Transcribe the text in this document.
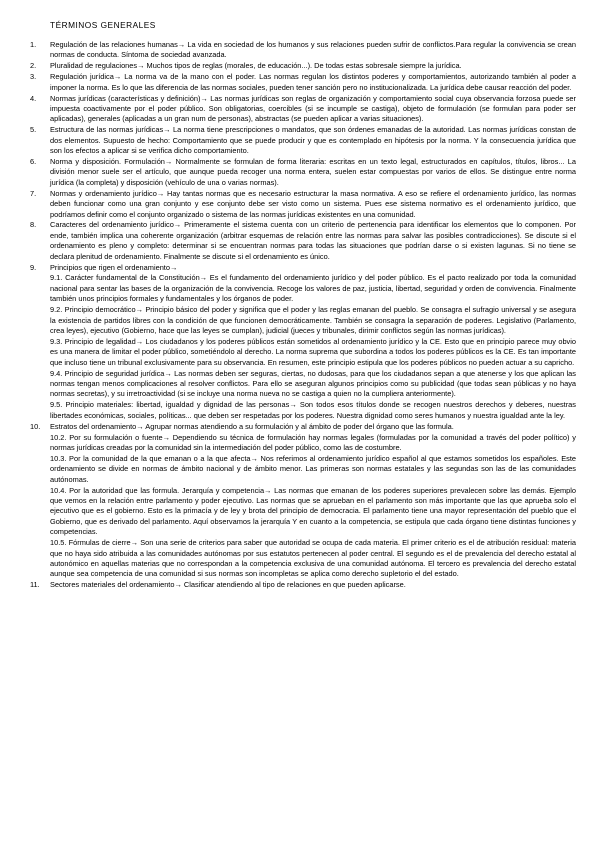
TÉRMINOS GENERALES
1.	Regulación de las relaciones humanas→ La vida en sociedad de los humanos y sus relaciones pueden sufrir de conflictos.Para regular la convivencia se crean normas de conducta. Síntoma de sociedad avanzada.
2.	Pluralidad de regulaciones→ Muchos tipos de reglas (morales, de educación...). De todas estas sobresale siempre la jurídica.
3.	Regulación jurídica→ La norma va de la mano con el poder. Las normas regulan los distintos poderes y comportamientos, autorizando también al poder a imponer la norma. Es lo que las diferencia de las normas sociales, pueden tener sanción pero no institucionalizada. La jurídica debe causar reacción del poder.
4.	Normas jurídicas (características y definición)→ Las normas jurídicas son reglas de organización y comportamiento social cuya observancia forzosa puede ser impuesta coactivamente por el poder público. Son obligatorias, coercibles (si se incumple se castiga), objeto de formulación (se formulan para poder ser aplicadas), generales (aplicadas a un gran num de personas), abstractas (se pueden aplicar a varias situaciones).
5.	Estructura de las normas jurídicas→ La norma tiene prescripciones o mandatos, que son órdenes emanadas de la autoridad. Las normas jurídicas constan de dos elementos. Supuesto de hecho: Comportamiento que se puede producir y que es contemplado en hipótesis por la norma. Y la consecuencia jurídica que son los efectos a aplicar si se verifica dicho comportamiento.
6.	Norma y disposición. Formulación→ Normalmente se formulan de forma literaria: escritas en un texto legal, estructurados en capítulos, títulos, libros... La división menor suele ser el artículo, que aunque pueda recoger una norma entera, suelen estar compuestas por varios de ellos. Se distingue entre norma jurídica (la completa) y disposición (vehículo de una o varias normas).
7.	Normas y ordenamiento jurídico→ Hay tantas normas que es necesario estructurar la masa normativa. A eso se refiere el ordenamiento jurídico, las normas deben funcionar como una gran conjunto y ese conjunto debe ser visto como un sistema. Pues ese sistema normativo es el ordenamiento jurídico, que podríamos definir como el conjunto organizado o sistema de las normas jurídicas existentes en una comunidad.
8.	Caracteres del ordenamiento jurídico→ Primeramente el sistema cuenta con un criterio de pertenencia para identificar los elementos que lo componen. Por ende, también implica una coherente organización (arbitrar esquemas de relación entre las normas para salvar las posibles contradicciones). Se discute si el ordenamiento es pleno y completo: determinar si se encuentran normas para todas las situaciones que podrían darse o si existen lagunas. Si no tiene se declara plenitud de ordenamiento. Finalmente se discute si el ordenamiento es único.
9.	Principios que rigen el ordenamiento→
9.1. Carácter fundamental de la Constitución→ Es el fundamento del ordenamiento jurídico y del poder público. Es el pacto realizado por toda la comunidad nacional para sentar las bases de la organización de la convivencia. Recoge los valores de paz, justicia, libertad, seguridad y orden de convivencia. Finalmente también unos principios formales y fundamentales y los órganos de poder.
9.2. Principio democrático→ Principio básico del poder y significa que el poder y las reglas emanan del pueblo. Se consagra el sufragio universal y se asegura la existencia de partidos libres con la condición de que funcionen democráticamente. También se consagra la separación de poderes. Legislativo (Parlamento, crea leyes), ejecutivo (Gobierno, hace que las leyes se cumplan), judicial (jueces y tribunales, dirimir conflictos según las normas jurídicas).
9.3. Principio de legalidad→ Los ciudadanos y los poderes públicos están sometidos al ordenamiento jurídico y la CE. Esto que en principio parece muy obvio es una manera de limitar el poder público, sometiéndolo al derecho. La norma suprema que subordina a todos los poderes públicos es la CE. Es tan importante que incluso tiene un tribunal exclusivamente para su observancia. En resumen, este principio estipula que los poderes públicos no pueden actuar a su capricho.
9.4. Principio de seguridad jurídica→ Las normas deben ser seguras, ciertas, no dudosas, para que los ciudadanos sepan a que atenerse y los que aplican las normas tengan menos complicaciones al resolver conflictos. Para ello se aseguran algunos principios como su publicidad (que todas sean públicas y no haya normas secretas), y su irretroactividad (si se incluye una norma nueva no se castiga a quien no la cumpliera anteriormente).
9.5. Principio materiales: libertad, igualdad y dignidad de las personas→ Son todos esos títulos donde se recogen nuestros derechos y deberes, nuestras libertades económicas, sociales, políticas... que deben ser respetadas por los poderes. Nuestra dignidad como seres humanos y nuestra igualdad ante la ley.
10.	Estratos del ordenamiento→ Agrupar normas atendiendo a su formulación y al ámbito de poder del órgano que las formula.
10.2. Por su formulación o fuente→ Dependiendo su técnica de formulación hay normas legales (formuladas por la comunidad a través del poder político) y normas jurídicas creadas por la comunidad sin la intermediación del poder público, como las de costumbre.
10.3. Por la comunidad de la que emanan o a la que afecta→ Nos referimos al ordenamiento jurídico español al que estamos sometidos los españoles. Este ordenamiento se divide en normas de ámbito nacional y de ámbito menor. Las primeras son normas estatales y las segundas son las de las comunidades autónomas.
10.4. Por la autoridad que las formula. Jerarquía y competencia→ Las normas que emanan de los poderes superiores prevalecen sobre las demás. Ejemplo que vemos en la relación entre parlamento y poder ejecutivo. Las normas que se aprueban en el parlamento son más importante que las que aprueba solo el ejecutivo que es el gobierno. Esto es la primacía y de ley y brota del principio de democracia. El parlamento tiene una mayor representación del pueblo que el Gobierno, que es derivado del parlamento. Aquí observamos la jerarquía Y en cuanto a la competencia, se estipula que cada órgano tiene distintas funciones y competencias.
10.5. Fórmulas de cierre→ Son una serie de criterios para saber que autoridad se ocupa de cada materia. El primer criterio es el de atribución residual: materia que no haya sido atribuida a las comunidades autónomas por sus estatutos pertenecen al poder central. El segundo es el de prevalencia del derecho estatal al autonómico en aquellas materias que no correspondan a la competencia exclusiva de una comunidad autónoma. El tercero es prevalencia del derecho estatal aunque sea competencia de una comunidad si sus normas son incompletas se aplica como derecho supletorio el del estado.
11.	Sectores materiales del ordenamiento→ Clasificar atendiendo al tipo de relaciones en que pueden aplicarse.
